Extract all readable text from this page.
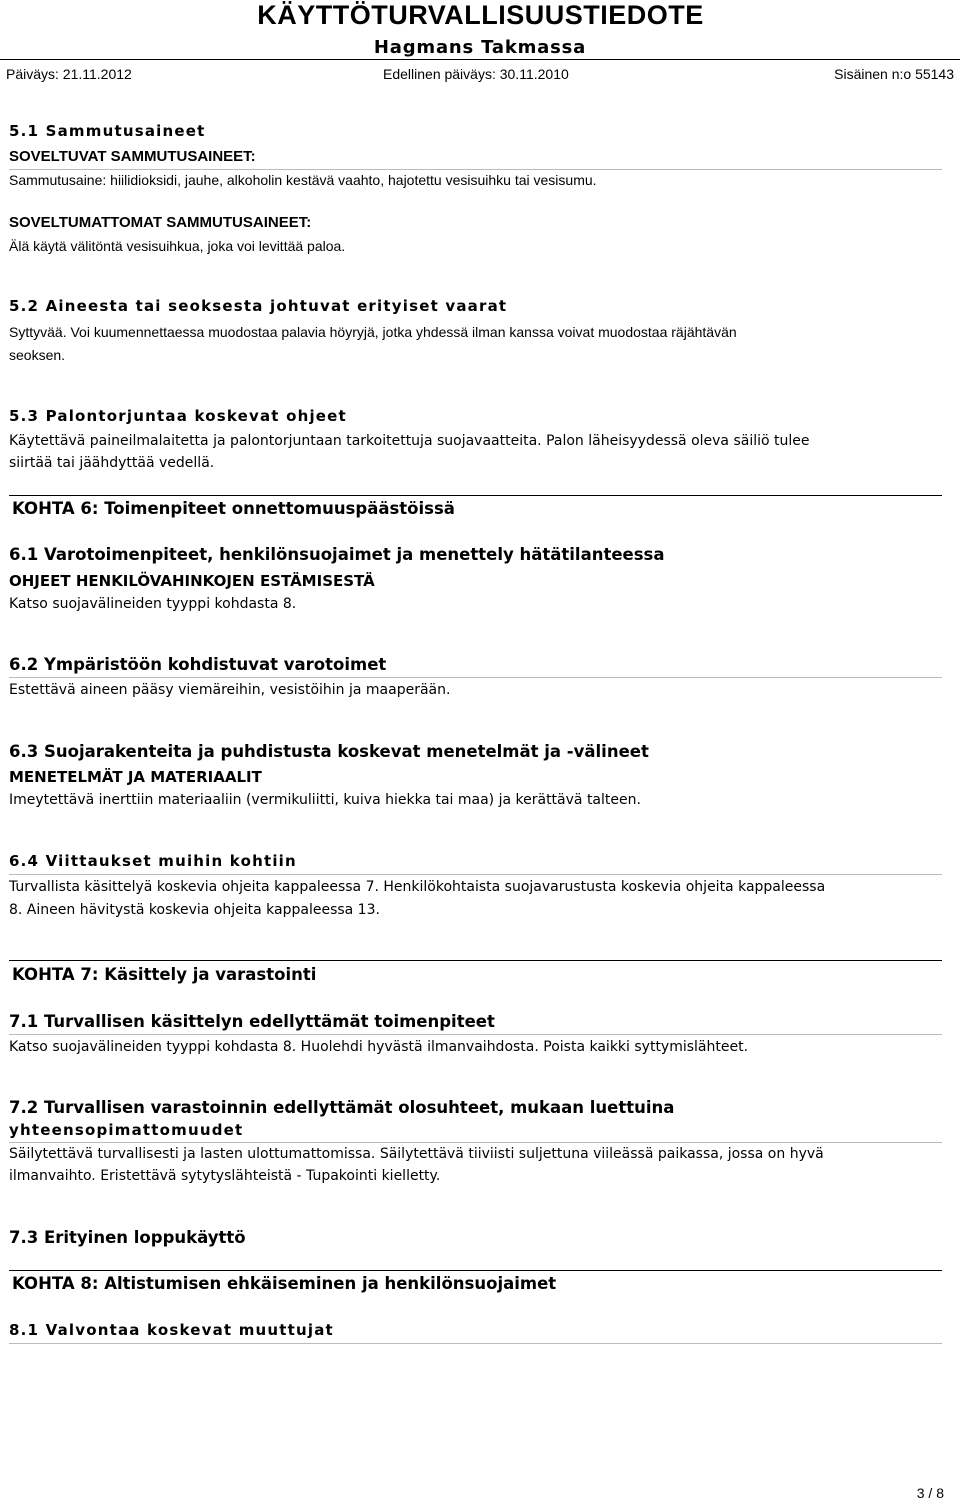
KÄYTTÖTURVALLISUUSTIEDOTE
Hagmans Takmassa
Päiväys: 21.11.2012	Edellinen päiväys: 30.11.2010	Sisäinen n:o 55143
5.1 Sammutusaineet
SOVELTUVAT SAMMUTUSAINEET:
Sammutusaine: hiilidioksidi, jauhe, alkoholin kestävä vaahto, hajotettu vesisuihku tai vesisumu.
SOVELTUMATTOMAT SAMMUTUSAINEET:
Älä käytä välitöntä vesisuihkua, joka voi levittää paloa.
5.2 Aineesta tai seoksesta johtuvat erityiset vaarat
Syttyvää. Voi kuumennettaessa muodostaa palavia höyryjä, jotka yhdessä ilman kanssa voivat muodostaa räjähtävän
seoksen.
5.3 Palontorjuntaa koskevat ohjeet
Käytettävä paineilmalaitetta ja palontorjuntaan tarkoitettuja suojavaatteita. Palon läheisyydessä oleva säiliö tulee
siirtää tai jäähdyttää vedellä.
KOHTA 6: Toimenpiteet onnettomuuspäästöissä
6.1 Varotoimenpiteet, henkilönsuojaimet ja menettely hätätilanteessa
OHJEET HENKILÖVAHINKOJEN ESTÄMISESTÄ
Katso suojavälineiden tyyppi kohdasta 8.
6.2 Ympäristöön kohdistuvat varotoimet
Estettävä aineen pääsy viemäreihin, vesistöihin ja maaperään.
6.3 Suojarakenteita ja puhdistusta koskevat menetelmät ja -välineet
MENETELMÄT JA MATERIAALIT
Imeytettävä inerttiin materiaaliin (vermikuliitti, kuiva hiekka tai maa) ja kerättävä talteen.
6.4 Viittaukset muihin kohtiin
Turvallista käsittelyä koskevia ohjeita kappaleessa 7. Henkilökohtaista suojavarustusta koskevia ohjeita kappaleessa
8. Aineen hävitystä koskevia ohjeita kappaleessa 13.
KOHTA 7: Käsittely ja varastointi
7.1 Turvallisen käsittelyn edellyttämät toimenpiteet
Katso suojavälineiden tyyppi kohdasta 8. Huolehdi hyvästä ilmanvaihdosta. Poista kaikki syttymislähteet.
7.2 Turvallisen varastoinnin edellyttämät olosuhteet, mukaan luettuina
yhteensopimattomuudet
Säilytettävä turvallisesti ja lasten ulottumattomissa. Säilytettävä tiiviisti suljettuna viileässä paikassa, jossa on hyvä
ilmanvaihto. Eristettävä sytytyslähteistä - Tupakointi kielletty.
7.3 Erityinen loppukäyttö
KOHTA 8: Altistumisen ehkäiseminen ja henkilönsuojaimet
8.1 Valvontaa koskevat muuttujat
3 / 8
